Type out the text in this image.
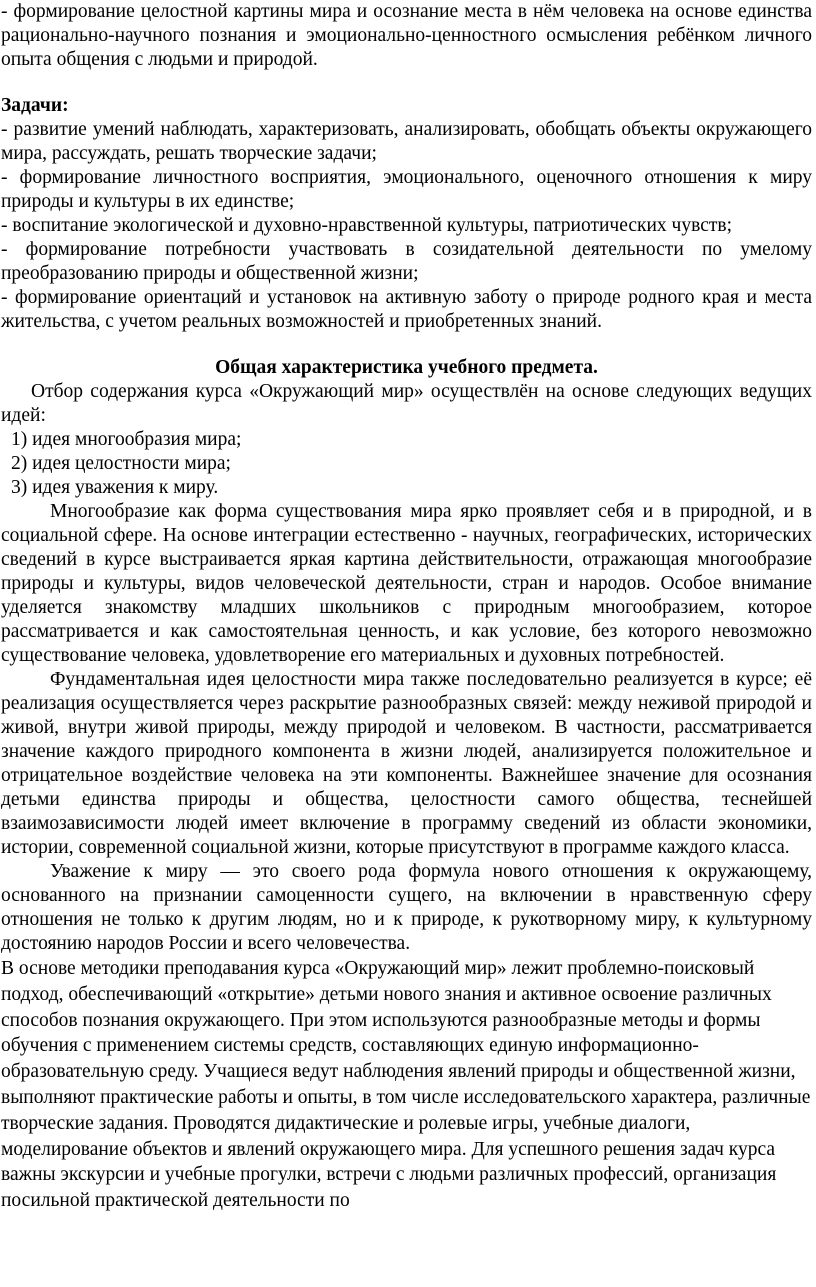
- формирование целостной картины мира и осознание места в нём человека на основе единства рационально-научного познания и эмоционально-ценностного осмысления ребёнком личного опыта общения с людьми и природой.

Задачи:

- развитие умений наблюдать, характеризовать, анализировать, обобщать объекты окружающего мира, рассуждать, решать творческие задачи;

- формирование личностного восприятия, эмоционального, оценочного отношения к миру природы и культуры в их единстве;

- воспитание экологической и духовно-нравственной культуры, патриотических чувств;

- формирование потребности участвовать в созидательной деятельности по умелому преобразованию природы и общественной жизни;

- формирование ориентаций и установок на активную заботу о природе родного края и места жительства, с учетом реальных возможностей и приобретенных знаний.

Общая характеристика учебного предмета.

Отбор содержания курса «Окружающий мир» осуществлён на основе следующих ведущих идей:

1) идея многообразия мира;

2) идея целостности мира;

3) идея уважения к миру.

Многообразие как форма существования мира ярко проявляет себя и в природной, и в социальной сфере. На основе интеграции естественно - научных, географических, исторических сведений в курсе выстраивается яркая картина действительности, отражающая многообразие природы и культуры, видов человеческой деятельности, стран и народов. Особое внимание уделяется знакомству младших школьников с природным многообразием, которое рассматривается и как самостоятельная ценность, и как условие, без которого невозможно существование человека, удовлетворение его материальных и духовных потребностей.

Фундаментальная идея целостности мира также последовательно реализуется в курсе; её реализация осуществляется через раскрытие разнообразных связей: между неживой природой и живой, внутри живой природы, между природой и человеком. В частности, рассматривается значение каждого природного компонента в жизни людей, анализируется положительное и отрицательное воздействие человека на эти компоненты. Важнейшее значение для осознания детьми единства природы и общества, целостности самого общества, теснейшей взаимозависимости людей имеет включение в программу сведений из области экономики, истории, современной социальной жизни, которые присутствуют в программе каждого класса.

Уважение к миру — это своего рода формула нового отношения к окружающему, основанного на признании самоценности сущего, на включении в нравственную сферу отношения не только к другим людям, но и к природе, к рукотворному миру, к культурному достоянию народов России и всего человечества.

В основе методики преподавания курса «Окружающий мир» лежит проблемно-поисковый подход, обеспечивающий «открытие» детьми нового знания и активное освоение различных способов познания окружающего. При этом используются разнообразные методы и формы обучения с применением системы средств, составляющих единую информационно-образовательную среду. Учащиеся ведут наблюдения явлений природы и общественной жизни, выполняют практические работы и опыты, в том числе исследовательского характера, различные творческие задания. Проводятся дидактические и ролевые игры, учебные диалоги, моделирование объектов и явлений окружающего мира. Для успешного решения задач курса важны экскурсии и учебные прогулки, встречи с людьми различных профессий, организация посильной практической деятельности по
